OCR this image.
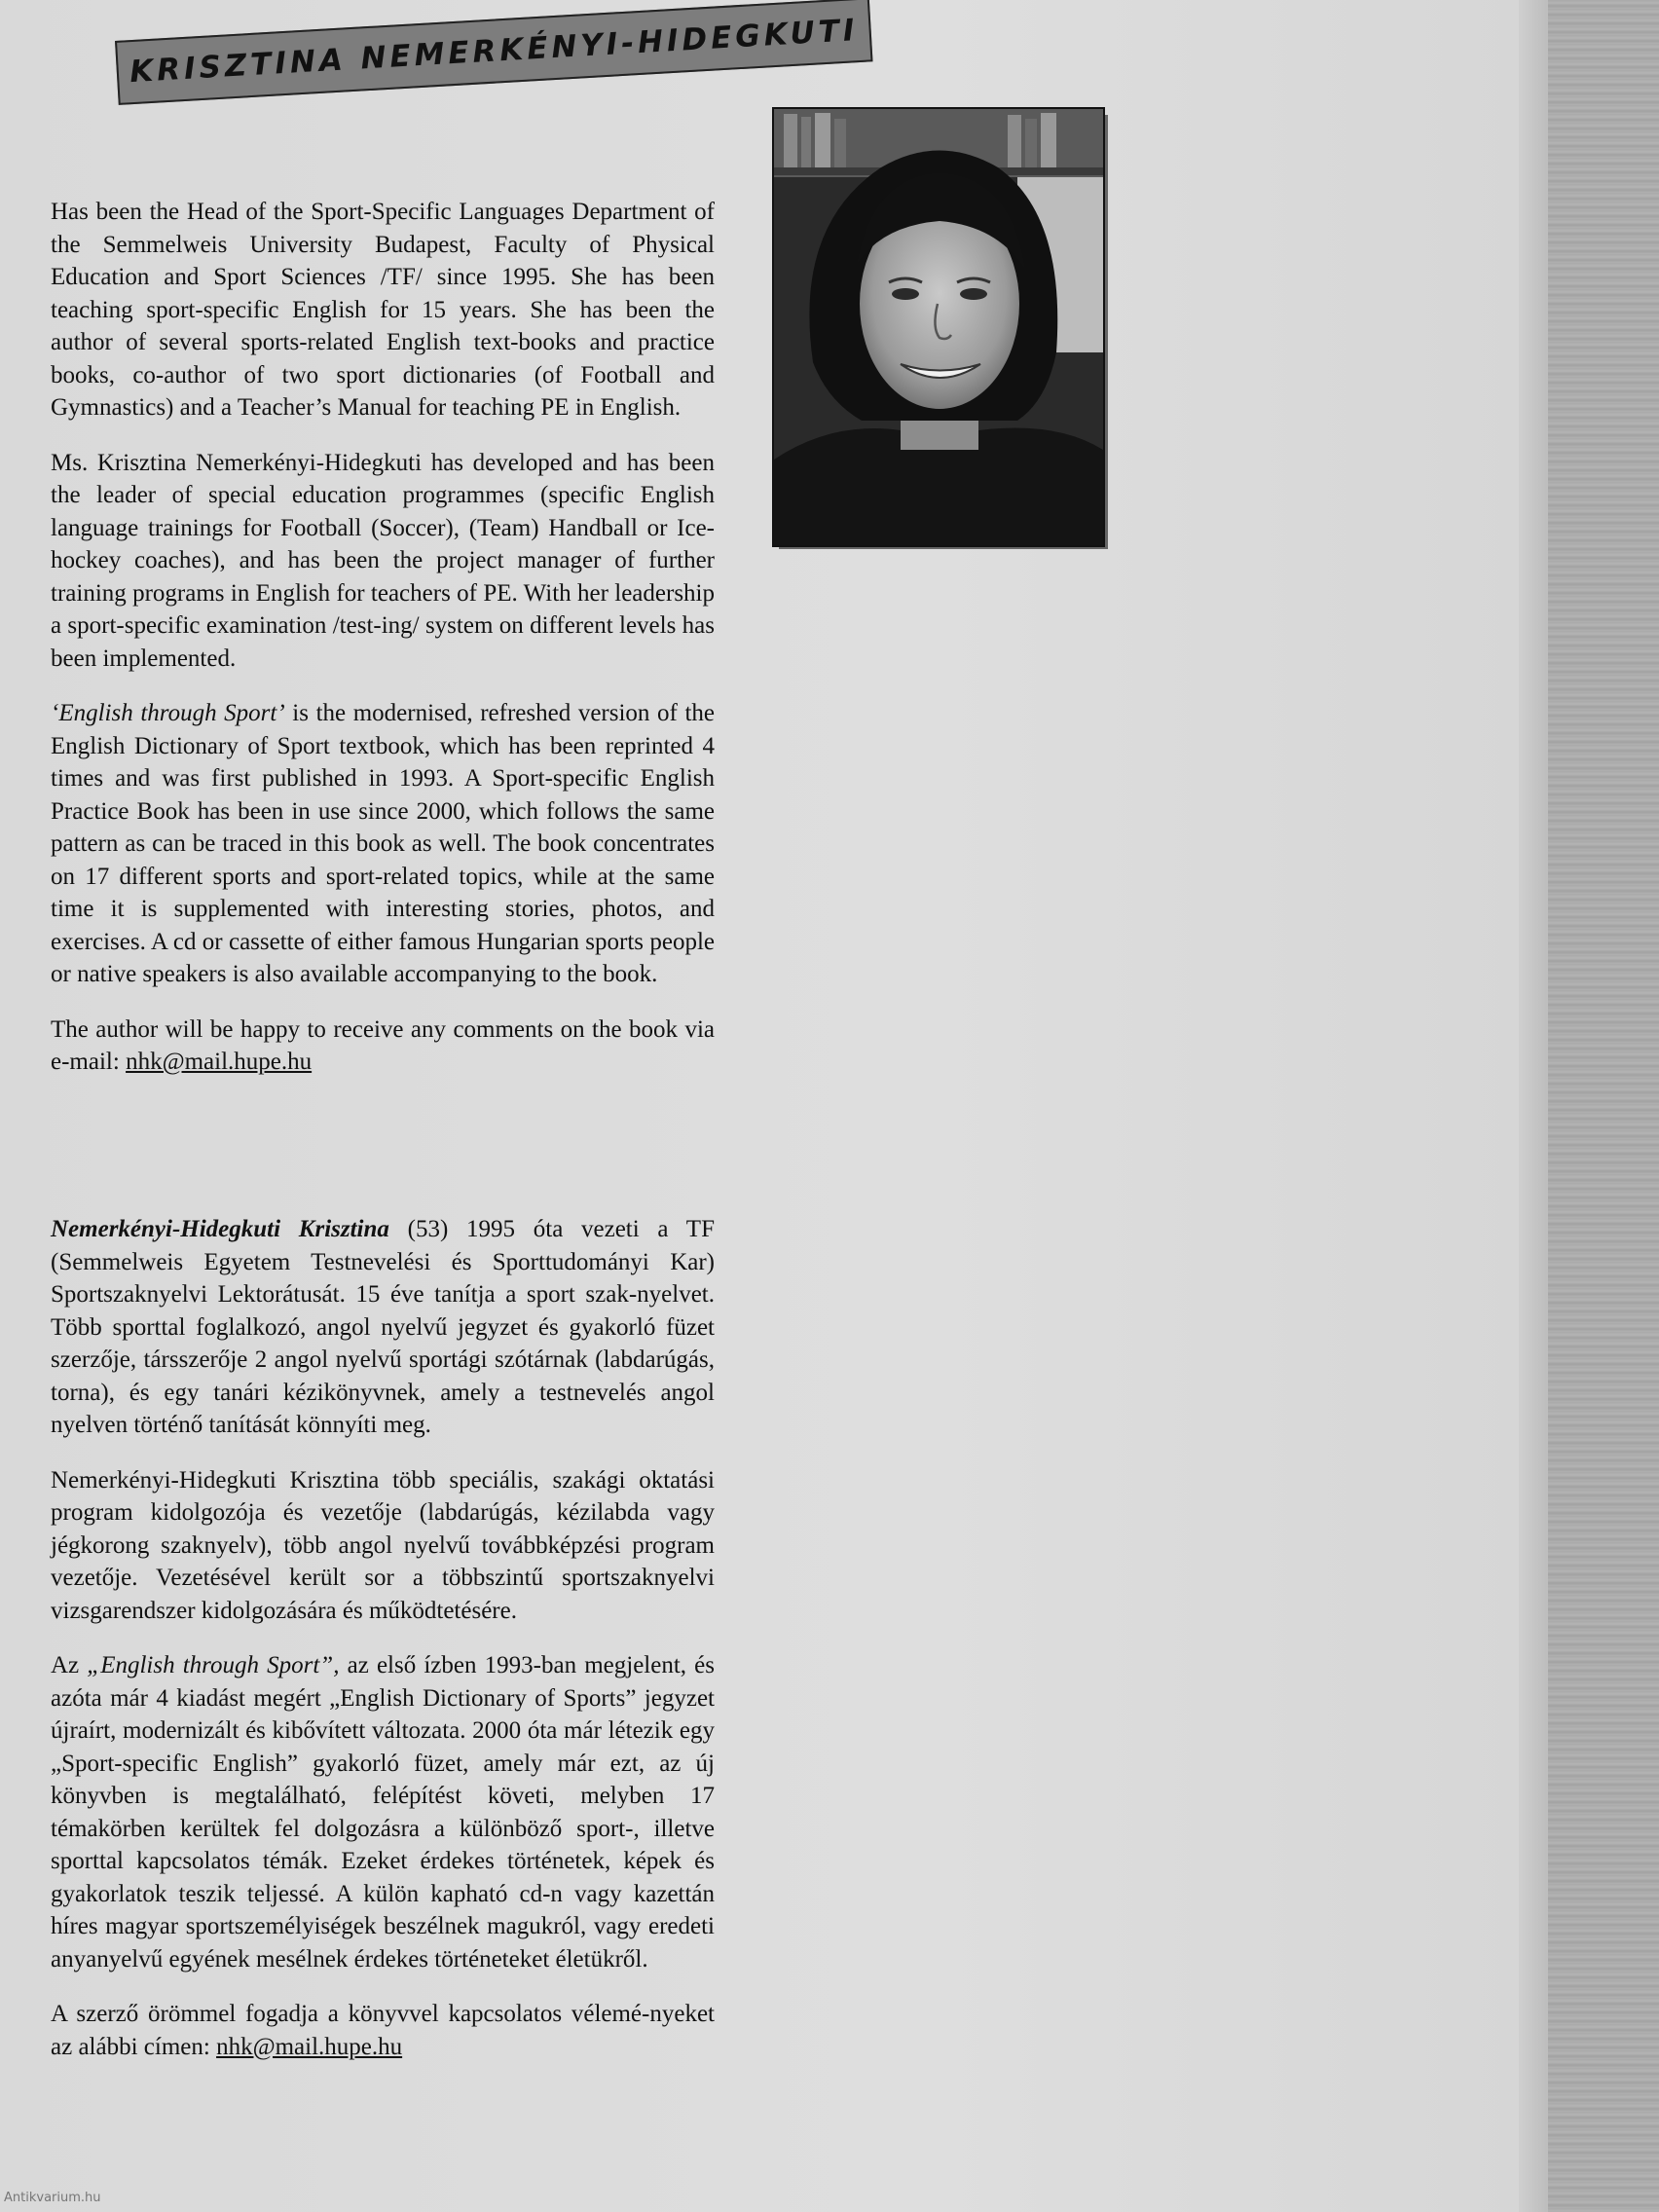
KRISZTINA NEMERKÉNYI-HIDEGKUTI

Has been the Head of the Sport-Specific Languages Department of the Semmelweis University Budapest, Faculty of Physical Education and Sport Sciences /TF/ since 1995. She has been teaching sport-specific English for 15 years. She has been the author of several sports-related English text-books and practice books, co-author of two sport dictionaries (of Football and Gymnastics) and a Teacher’s Manual for teaching PE in English.

Ms. Krisztina Nemerkényi-Hidegkuti has developed and has been the leader of special education programmes (specific English language trainings for Football (Soccer), (Team) Handball or Ice-hockey coaches), and has been the project manager of further training programs in English for teachers of PE. With her leadership a sport-specific examination /test-ing/ system on different levels has been implemented.

‘English through Sport’ is the modernised, refreshed version of the English Dictionary of Sport textbook, which has been reprinted 4 times and was first published in 1993. A Sport-specific English Practice Book has been in use since 2000, which follows the same pattern as can be traced in this book as well. The book concentrates on 17 different sports and sport-related topics, while at the same time it is supplemented with interesting stories, photos, and exercises. A cd or cassette of either famous Hungarian sports people or native speakers is also available accompanying to the book.

The author will be happy to receive any comments on the book via e-mail: nhk@mail.hupe.hu

Nemerkényi-Hidegkuti Krisztina (53) 1995 óta vezeti a TF (Semmelweis Egyetem Testnevelési és Sporttudományi Kar) Sportszaknyelvi Lektorátusát. 15 éve tanítja a sport szak-nyelvet. Több sporttal foglalkozó, angol nyelvű jegyzet és gyakorló füzet szerzője, társszerője 2 angol nyelvű sportági szótárnak (labdarúgás, torna), és egy tanári kézikönyvnek, amely a testnevelés angol nyelven történő tanítását könnyíti meg.

Nemerkényi-Hidegkuti Krisztina több speciális, szakági oktatási program kidolgozója és vezetője (labdarúgás, kézilabda vagy jégkorong szaknyelv), több angol nyelvű továbbképzési program vezetője. Vezetésével került sor a többszintű sportszaknyelvi vizsgarendszer kidolgozására és működtetésére.

Az „English through Sport”, az első ízben 1993-ban megjelent, és azóta már 4 kiadást megért „English Dictionary of Sports” jegyzet újraírt, modernizált és kibővített változata. 2000 óta már létezik egy „Sport-specific English” gyakorló füzet, amely már ezt, az új könyvben is megtalálható, felépítést követi, melyben 17 témakörben kerültek fel dolgozásra a különböző sport-, illetve sporttal kapcsolatos témák. Ezeket érdekes történetek, képek és gyakorlatok teszik teljessé. A külön kapható cd-n vagy kazettán híres magyar sportszemélyiségek beszélnek magukról, vagy eredeti anyanyelvű egyének mesélnek érdekes történeteket életükről.

A szerző örömmel fogadja a könyvvel kapcsolatos vélemé-nyeket az alábbi címen: nhk@mail.hupe.hu

Antikvarium.hu
